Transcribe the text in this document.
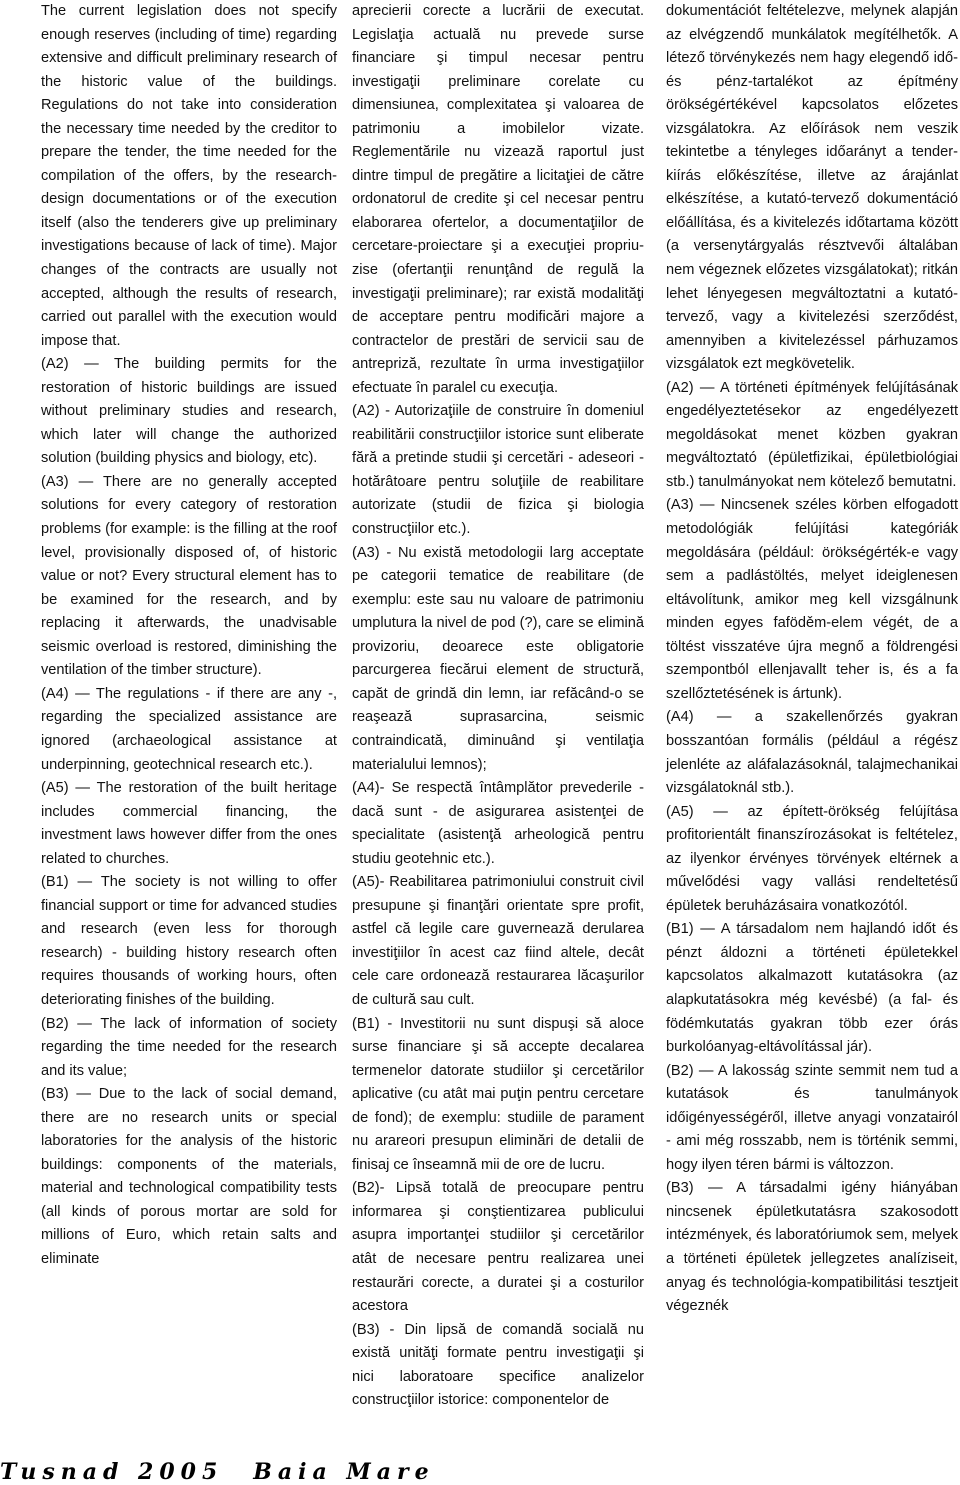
The current legislation does not specify enough reserves (including of time) regarding extensive and difficult preliminary research of the historic value of the buildings. Regulations do not take into consideration the necessary time needed by the creditor to prepare the tender, the time needed for the compilation of the offers, by the research-design documentations or of the execution itself (also the tenderers give up preliminary investigations because of lack of time). Major changes of the contracts are usually not accepted, although the results of research, carried out parallel with the execution would impose that.

(A2) — The building permits for the restoration of historic buildings are issued without preliminary studies and research, which later will change the authorized solution (building physics and biology, etc).

(A3) — There are no generally accepted solutions for every category of restoration problems (for example: is the filling at the roof level, provisionally disposed of, of historic value or not? Every structural element has to be examined for the research, and by replacing it afterwards, the unadvisable seismic overload is restored, diminishing the ventilation of the timber structure).

(A4) — The regulations - if there are any -, regarding the specialized assistance are ignored (archaeological assistance at underpinning, geotechnical research etc.).

(A5) — The restoration of the built heritage includes commercial financing, the investment laws however differ from the ones related to churches.

(B1) — The society is not willing to offer financial support or time for advanced studies and research (even less for thorough research) - building history research often requires thousands of working hours, often deteriorating finishes of the building.

(B2) — The lack of information of society regarding the time needed for the research and its value;

(B3) — Due to the lack of social demand, there are no research units or special laboratories for the analysis of the historic buildings: components of the materials, material and technological compatibility tests (all kinds of porous mortar are sold for millions of Euro, which retain salts and eliminate

aprecierii corecte a lucrării de executat. Legislaţia actuală nu prevede surse financiare şi timpul necesar pentru investigaţii preliminare corelate cu dimensiunea, complexitatea şi valoarea de patrimoniu a imobilelor vizate. Reglementările nu vizează raportul just dintre timpul de pregătire a licitaţiei de către ordonatorul de credite şi cel necesar pentru elaborarea ofertelor, a documentaţiilor de cercetare-proiectare şi a execuţiei propriu-zise (ofertanţii renunţând de regulă la investigaţii preliminare); rar există modalităţi de acceptare pentru modificări majore a contractelor de prestări de servicii sau de antrepriză, rezultate în urma investigaţiilor efectuate în paralel cu execuţia.

(A2) - Autorizaţiile de construire în domeniul reabilitării construcţiilor istorice sunt eliberate fără a pretinde studii şi cercetări - adeseori - hotărâtoare pentru soluţiile de reabilitare autorizate (studii de fizica şi biologia construcţiilor etc.).

(A3) - Nu există metodologii larg acceptate pe categorii tematice de reabilitare (de exemplu: este sau nu valoare de patrimoniu umplutura la nivel de pod (?), care se elimină provizoriu, deoarece este obligatorie parcurgerea fiecărui element de structură, capăt de grindă din lemn, iar refăcând-o se reaşează suprasarcina, seismic contraindicată, diminuând şi ventilaţia materialului lemnos);

(A4)- Se respectă întâmplător prevederile - dacă sunt - de asigurarea asistenţei de specialitate (asistenţă arheologică pentru studiu geotehnic etc.).

(A5)- Reabilitarea patrimoniului construit civil presupune şi finanţări orientate spre profit, astfel că legile care guvernează derularea investiţiilor în acest caz fiind altele, decât cele care ordonează restaurarea lăcaşurilor de cultură sau cult.

(B1) - Investitorii nu sunt dispuşi să aloce surse financiare şi să accepte decalarea termenelor datorate studiilor şi cercetărilor aplicative (cu atât mai puţin pentru cercetare de fond); de exemplu: studiile de parament nu arareori presupun eliminări de detalii de finisaj ce înseamnă mii de ore de lucru.

(B2)- Lipsă totală de preocupare pentru informarea şi conştientizarea publicului asupra importanţei studiilor şi cercetărilor atât de necesare pentru realizarea unei restaurări corecte, a duratei şi a costurilor acestora

(B3) - Din lipsă de comandă socială nu există unităţi formate pentru investigaţii şi nici laboratoare specifice analizelor construcţiilor istorice: componentelor de

dokumentációt feltételezve, melynek alapján az elvégzendő munkálatok megítélhetők. A létező törvénykezés nem hagy elegendő idő- és pénz-tartalékot az építmény örökségértékével kapcsolatos előzetes vizsgálatokra. Az előírások nem veszik tekintetbe a tényleges időarányt a tender-kiírás előkészítése, illetve az árajánlat elkészítése, a kutató-tervező dokumentáció előállítása, és a kivitelezés időtartama között (a versenytárgyalás résztvevői általában nem végeznek előzetes vizsgálatokat); ritkán lehet lényegesen megváltoztatni a kutató-tervező, vagy a kivitelezési szerződést, amennyiben a kivitelezéssel párhuzamos vizsgálatok ezt megkövetelik.

(A2) — A történeti építmények felújításának engedélyeztetésekor az engedélyezett megoldásokat menet közben gyakran megváltoztató (épületfizikai, épületbiológiai stb.) tanulmányokat nem kötelező bemutatni.

(A3) — Nincsenek széles körben elfogadott metodológiák felújítási kategóriák megoldására (például: örökségérték-e vagy sem a padlástöltés, melyet ideiglenesen eltávolítunk, amikor meg kell vizsgálnunk minden egyes faföděm-elem végét, de a töltést visszatéve újra megnő a földrengési szempontból ellenjavallt teher is, és a fa szellőztetésének is ártunk).

(A4) — a szakellenőrzés gyakran bosszantóan formális (például a régész jelenléte az aláfalazásoknál, talajmechanikai vizsgálatoknál stb.).

(A5) — az épített-örökség felújítása profitorientált finanszírozásokat is feltételez, az ilyenkor érvényes törvények eltérnek a művelődési vagy vallási rendeltetésű épületek beruházásaira vonatkozótól.

(B1) — A társadalom nem hajlandó időt és pénzt áldozni a történeti épületekkel kapcsolatos alkalmazott kutatásokra (az alapkutatásokra még kevésbé) (a fal- és födémkutatás gyakran több ezer órás burkolóanyag-eltávolítással jár).

(B2) — A lakosság szinte semmit nem tud a kutatások és tanulmányok időigényességéről, illetve anyagi vonzatairól - ami még rosszabb, nem is történik semmi, hogy ilyen téren bármi is változzon.

(B3) — A társadalmi igény hiányában nincsenek épületkutatásra szakosodott intézmények, és laboratóriumok sem, melyek a történeti épületek jellegzetes analíziseit, anyag és technológia-kompatibilitási tesztjeit végeznék

Tusnad 2005 Baia Mare
